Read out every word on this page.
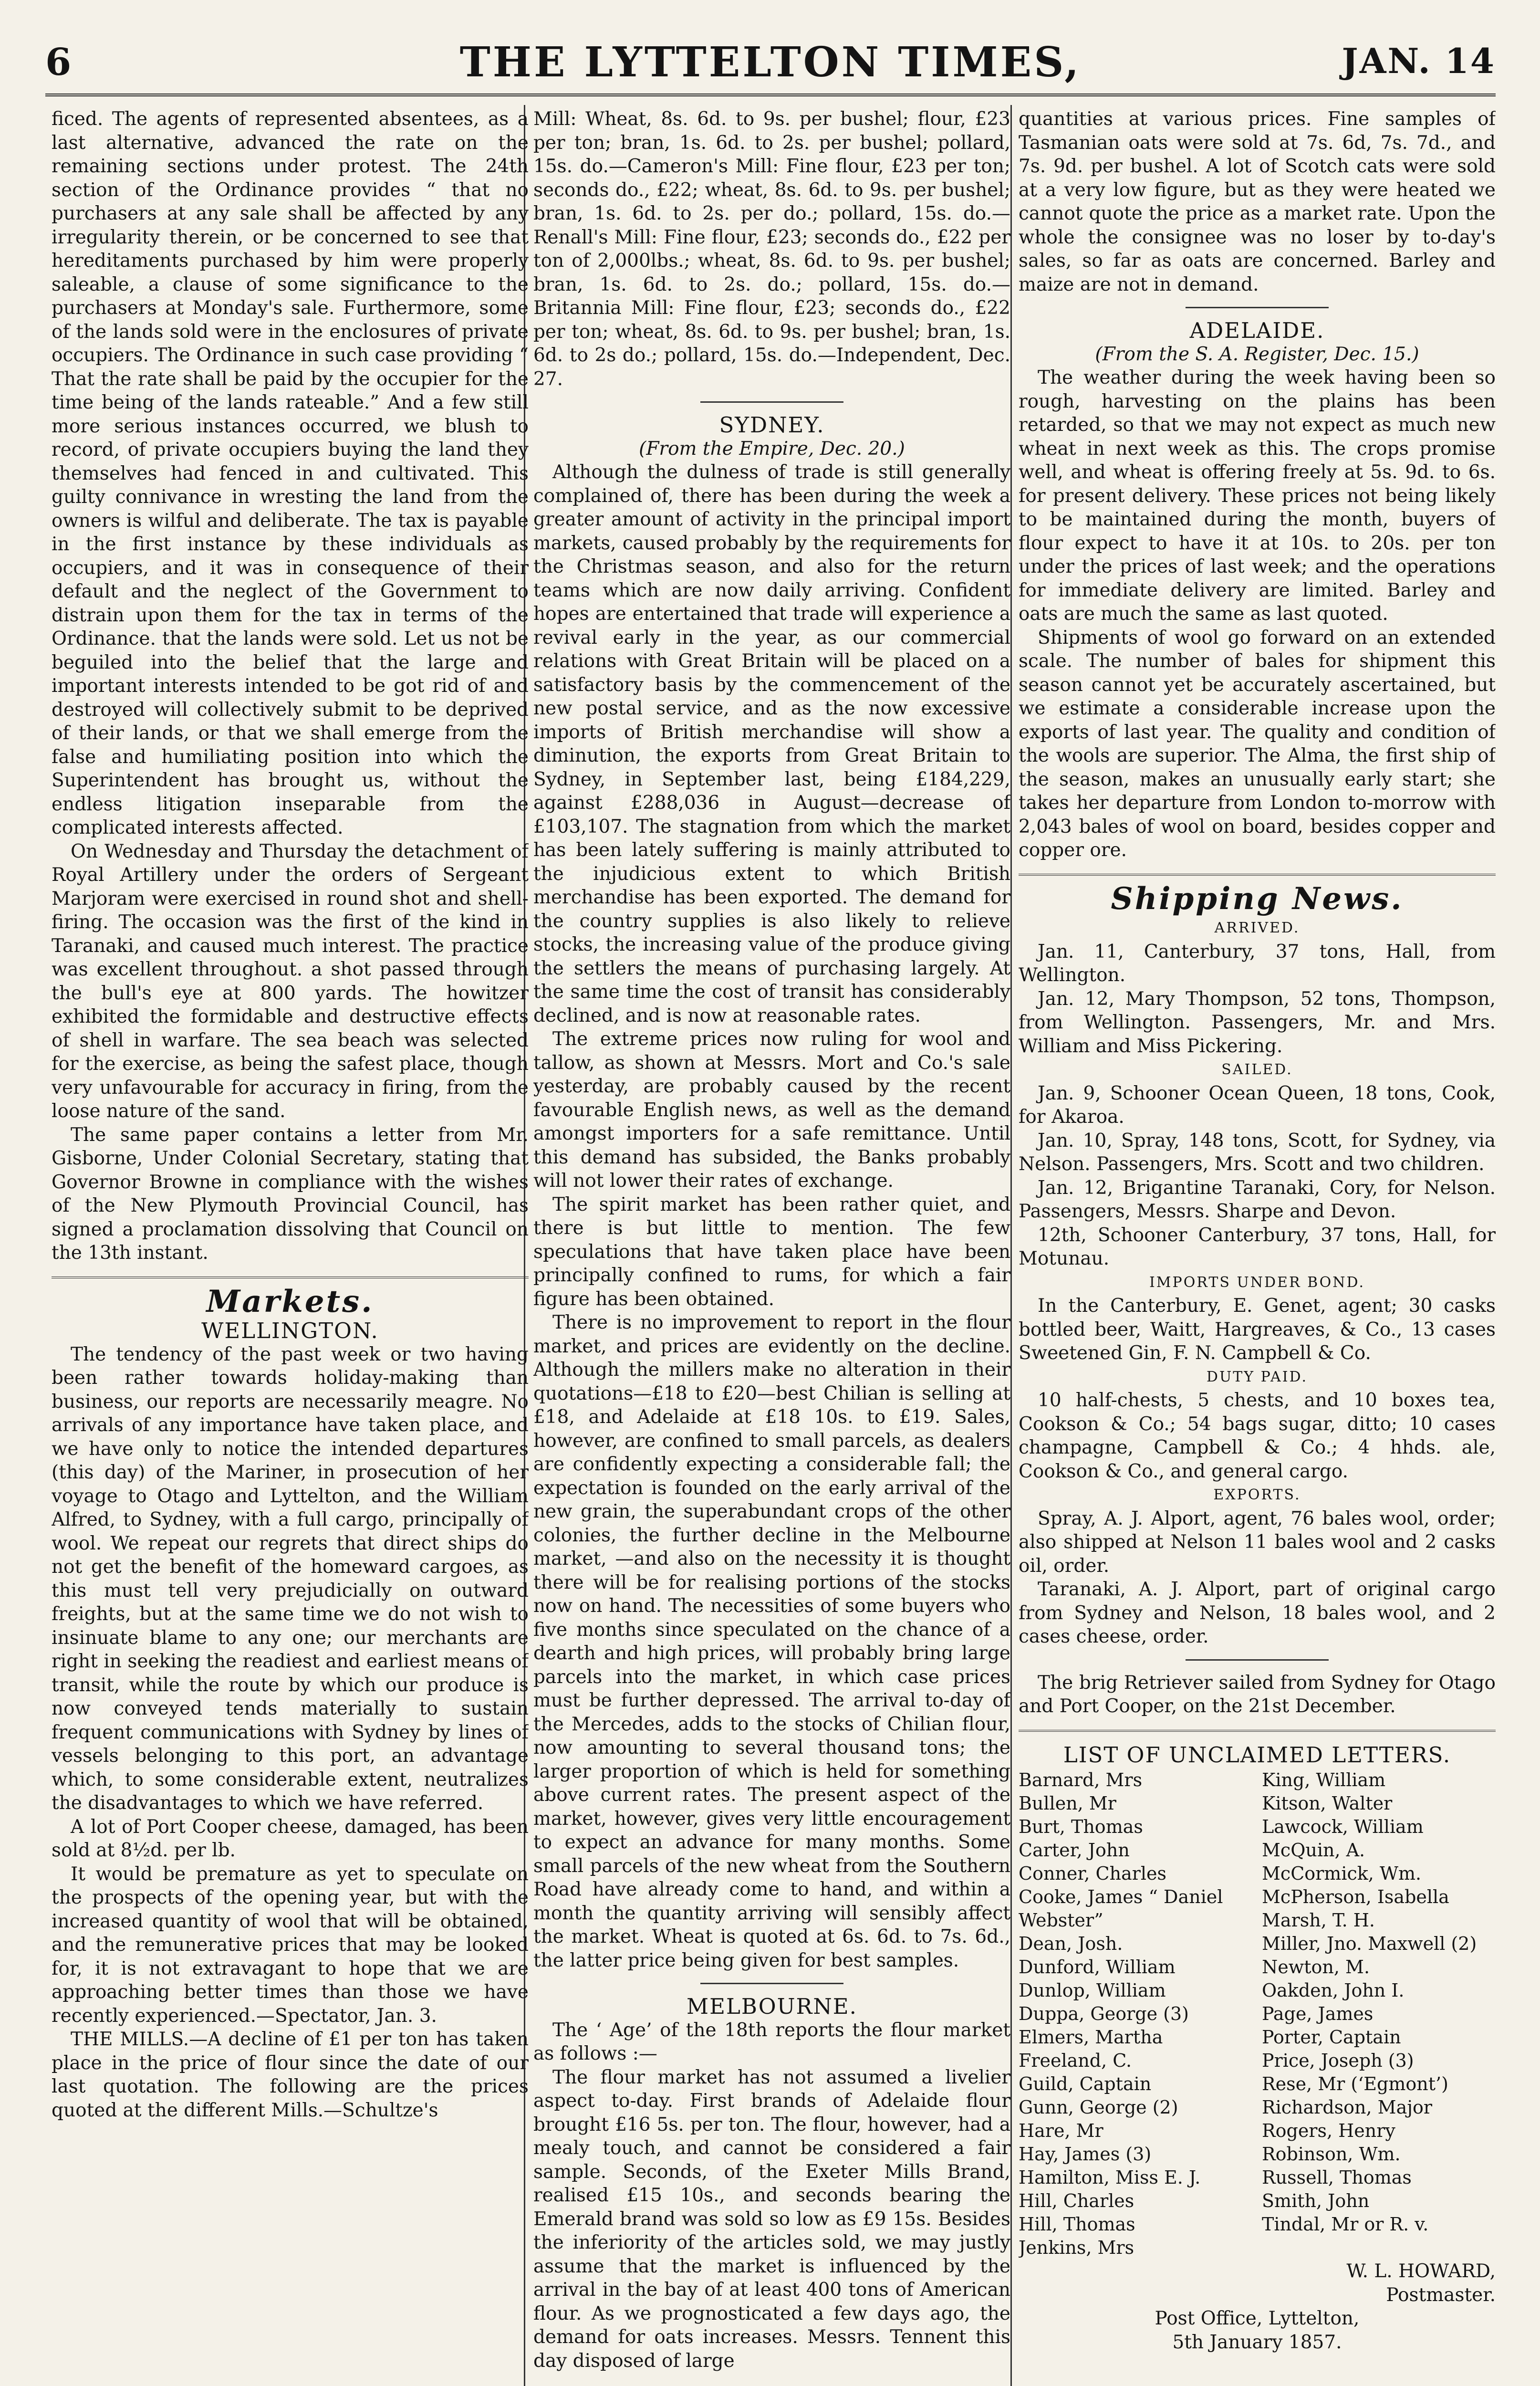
6	THE LYTTELTON TIMES,	JAN. 14

ficed. The agents of represented absentees, as a last alternative, advanced the rate on the remaining sections under protest. The 24th section of the Ordinance provides “ that no purchasers at any sale shall be affected by any irregularity therein, or be concerned to see that hereditaments purchased by him were properly saleable, a clause of some significance to the purchasers at Monday's sale. Furthermore, some of the lands sold were in the enclosures of private occupiers. The Ordinance in such case providing “ That the rate shall be paid by the occupier for the time being of the lands rateable.” And a few still more serious instances occurred, we blush to record, of private occupiers buying the land they themselves had fenced in and cultivated. This guilty connivance in wresting the land from the owners is wilful and deliberate. The tax is payable in the first instance by these individuals as occupiers, and it was in consequence of their default and the neglect of the Government to distrain upon them for the tax in terms of the Ordinance. that the lands were sold. Let us not be beguiled into the belief that the large and important interests intended to be got rid of and destroyed will collectively submit to be deprived of their lands, or that we shall emerge from the false and humiliating position into which the Superintendent has brought us, without the endless litigation inseparable from the complicated interests affected.

On Wednesday and Thursday the detachment of Royal Artillery under the orders of Sergeant Marjoram were exercised in round shot and shell-firing. The occasion was the first of the kind in Taranaki, and caused much interest. The practice was excellent throughout. a shot passed through the bull's eye at 800 yards. The howitzer exhibited the formidable and destructive effects of shell in warfare. The sea beach was selected for the exercise, as being the safest place, though very unfavourable for accuracy in firing, from the loose nature of the sand.

The same paper contains a letter from Mr. Gisborne, Under Colonial Secretary, stating that Governor Browne in compliance with the wishes of the New Plymouth Provincial Council, has signed a proclamation dissolving that Council on the 13th instant.

Markets.

WELLINGTON.

The tendency of the past week or two having been rather towards holiday-making than business, our reports are necessarily meagre. No arrivals of any importance have taken place, and we have only to notice the intended departures (this day) of the Mariner, in prosecution of her voyage to Otago and Lyttelton, and the William Alfred, to Sydney, with a full cargo, principally of wool. We repeat our regrets that direct ships do not get the benefit of the homeward cargoes, as this must tell very prejudicially on outward freights, but at the same time we do not wish to insinuate blame to any one; our merchants are right in seeking the readiest and earliest means of transit, while the route by which our produce is now conveyed tends materially to sustain frequent communications with Sydney by lines of vessels belonging to this port, an advantage which, to some considerable extent, neutralizes the disadvantages to which we have referred.

A lot of Port Cooper cheese, damaged, has been sold at 8½d. per lb.

It would be premature as yet to speculate on the prospects of the opening year, but with the increased quantity of wool that will be obtained, and the remunerative prices that may be looked for, it is not extravagant to hope that we are approaching better times than those we have recently experienced.—Spectator, Jan. 3.

THE MILLS.—A decline of £1 per ton has taken place in the price of flour since the date of our last quotation. The following are the prices quoted at the different Mills.—Schultze's

Mill: Wheat, 8s. 6d. to 9s. per bushel; flour, £23 per ton; bran, 1s. 6d. to 2s. per bushel; pollard, 15s. do.—Cameron's Mill: Fine flour, £23 per ton; seconds do., £22; wheat, 8s. 6d. to 9s. per bushel; bran, 1s. 6d. to 2s. per do.; pollard, 15s. do.—Renall's Mill: Fine flour, £23; seconds do., £22 per ton of 2,000lbs.; wheat, 8s. 6d. to 9s. per bushel; bran, 1s. 6d. to 2s. do.; pollard, 15s. do.—Britannia Mill: Fine flour, £23; seconds do., £22 per ton; wheat, 8s. 6d. to 9s. per bushel; bran, 1s. 6d. to 2s do.; pollard, 15s. do.—Independent, Dec. 27.

SYDNEY.

(From the Empire, Dec. 20.)

Although the dulness of trade is still generally complained of, there has been during the week a greater amount of activity in the principal import markets, caused probably by the requirements for the Christmas season, and also for the return teams which are now daily arriving. Confident hopes are entertained that trade will experience a revival early in the year, as our commercial relations with Great Britain will be placed on a satisfactory basis by the commencement of the new postal service, and as the now excessive imports of British merchandise will show a diminution, the exports from Great Britain to Sydney, in September last, being £184,229, against £288,036 in August—decrease of £103,107. The stagnation from which the market has been lately suffering is mainly attributed to the injudicious extent to which British merchandise has been exported. The demand for the country supplies is also likely to relieve stocks, the increasing value of the produce giving the settlers the means of purchasing largely. At the same time the cost of transit has considerably declined, and is now at reasonable rates.

The extreme prices now ruling for wool and tallow, as shown at Messrs. Mort and Co.'s sale yesterday, are probably caused by the recent favourable English news, as well as the demand amongst importers for a safe remittance. Until this demand has subsided, the Banks probably will not lower their rates of exchange.

The spirit market has been rather quiet, and there is but little to mention. The few speculations that have taken place have been principally confined to rums, for which a fair figure has been obtained.

There is no improvement to report in the flour market, and prices are evidently on the decline. Although the millers make no alteration in their quotations—£18 to £20—best Chilian is selling at £18, and Adelaide at £18 10s. to £19. Sales, however, are confined to small parcels, as dealers are confidently expecting a considerable fall; the expectation is founded on the early arrival of the new grain, the superabundant crops of the other colonies, the further decline in the Melbourne market, —and also on the necessity it is thought there will be for realising portions of the stocks now on hand. The necessities of some buyers who five months since speculated on the chance of a dearth and high prices, will probably bring large parcels into the market, in which case prices must be further depressed. The arrival to-day of the Mercedes, adds to the stocks of Chilian flour, now amounting to several thousand tons; the larger proportion of which is held for something above current rates. The present aspect of the market, however, gives very little encouragement to expect an advance for many months. Some small parcels of the new wheat from the Southern Road have already come to hand, and within a month the quantity arriving will sensibly affect the market. Wheat is quoted at 6s. 6d. to 7s. 6d., the latter price being given for best samples.

MELBOURNE.

The ‘ Age’ of the 18th reports the flour market as follows :—

The flour market has not assumed a livelier aspect to-day. First brands of Adelaide flour brought £16 5s. per ton. The flour, however, had a mealy touch, and cannot be considered a fair sample. Seconds, of the Exeter Mills Brand, realised £15 10s., and seconds bearing the Emerald brand was sold so low as £9 15s. Besides the inferiority of the articles sold, we may justly assume that the market is influenced by the arrival in the bay of at least 400 tons of American flour. As we prognosticated a few days ago, the demand for oats increases. Messrs. Tennent this day disposed of large

quantities at various prices. Fine samples of Tasmanian oats were sold at 7s. 6d, 7s. 7d., and 7s. 9d. per bushel. A lot of Scotch cats were sold at a very low figure, but as they were heated we cannot quote the price as a market rate. Upon the whole the consignee was no loser by to-day's sales, so far as oats are concerned. Barley and maize are not in demand.

ADELAIDE.

(From the S. A. Register, Dec. 15.)

The weather during the week having been so rough, harvesting on the plains has been retarded, so that we may not expect as much new wheat in next week as this. The crops promise well, and wheat is offering freely at 5s. 9d. to 6s. for present delivery. These prices not being likely to be maintained during the month, buyers of flour expect to have it at 10s. to 20s. per ton under the prices of last week; and the operations for immediate delivery are limited. Barley and oats are much the same as last quoted.

Shipments of wool go forward on an extended scale. The number of bales for shipment this season cannot yet be accurately ascertained, but we estimate a considerable increase upon the exports of last year. The quality and condition of the wools are superior. The Alma, the first ship of the season, makes an unusually early start; she takes her departure from London to-morrow with 2,043 bales of wool on board, besides copper and copper ore.

Shipping News.

ARRIVED.

Jan. 11, Canterbury, 37 tons, Hall, from Wellington.

Jan. 12, Mary Thompson, 52 tons, Thompson, from Wellington. Passengers, Mr. and Mrs. William and Miss Pickering.

SAILED.

Jan. 9, Schooner Ocean Queen, 18 tons, Cook, for Akaroa.

Jan. 10, Spray, 148 tons, Scott, for Sydney, via Nelson. Passengers, Mrs. Scott and two children.

Jan. 12, Brigantine Taranaki, Cory, for Nelson. Passengers, Messrs. Sharpe and Devon.

12th, Schooner Canterbury, 37 tons, Hall, for Motunau.

IMPORTS UNDER BOND.

In the Canterbury, E. Genet, agent; 30 casks bottled beer, Waitt, Hargreaves, & Co., 13 cases Sweetened Gin, F. N. Campbell & Co.

DUTY PAID.

10 half-chests, 5 chests, and 10 boxes tea, Cookson & Co.; 54 bags sugar, ditto; 10 cases champagne, Campbell & Co.; 4 hhds. ale, Cookson & Co., and general cargo.

EXPORTS.

Spray, A. J. Alport, agent, 76 bales wool, order; also shipped at Nelson 11 bales wool and 2 casks oil, order.

Taranaki, A. J. Alport, part of original cargo from Sydney and Nelson, 18 bales wool, and 2 cases cheese, order.

The brig Retriever sailed from Sydney for Otago and Port Cooper, on the 21st December.

LIST OF UNCLAIMED LETTERS.

Barnard, Mrs
Bullen, Mr
Burt, Thomas
Carter, John
Conner, Charles
Cooke, James “ Daniel
Webster”
Dean, Josh.
Dunford, William
Dunlop, William
Duppa, George (3)
Elmers, Martha
Freeland, C.
Guild, Captain
Gunn, George (2)
Hare, Mr
Hay, James (3)
Hamilton, Miss E. J.
Hill, Charles
Hill, Thomas
Jenkins, Mrs
King, William
Kitson, Walter
Lawcock, William
McQuin, A.
McCormick, Wm.
McPherson, Isabella
Marsh, T. H.
Miller, Jno. Maxwell (2)
Newton, M.
Oakden, John I.
Page, James
Porter, Captain
Price, Joseph (3)
Rese, Mr (‘Egmont’)
Richardson, Major
Rogers, Henry
Robinson, Wm.
Russell, Thomas
Smith, John
Tindal, Mr or R. v.

W. L. HOWARD,

Postmaster.

Post Office, Lyttelton,

5th January 1857.
